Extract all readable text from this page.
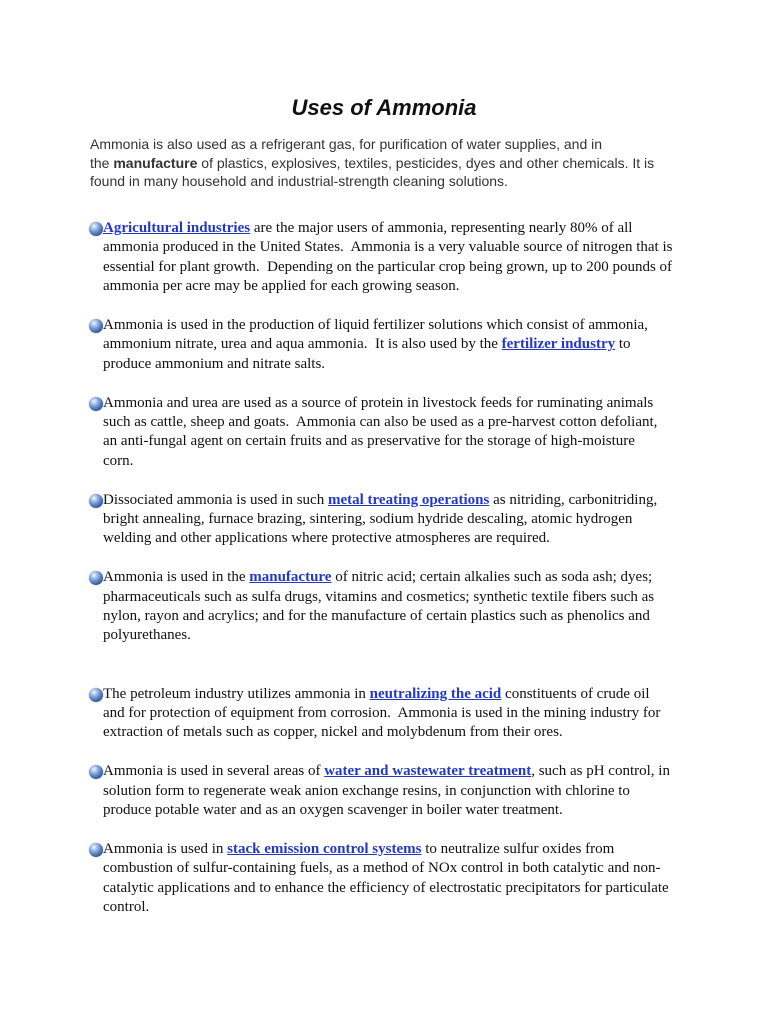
Uses of Ammonia
Ammonia is also used as a refrigerant gas, for purification of water supplies, and in
the manufacture of plastics, explosives, textiles, pesticides, dyes and other chemicals. It is
found in many household and industrial-strength cleaning solutions.
Agricultural industries are the major users of ammonia, representing nearly 80% of all
ammonia produced in the United States.  Ammonia is a very valuable source of nitrogen that is
essential for plant growth.  Depending on the particular crop being grown, up to 200 pounds of
ammonia per acre may be applied for each growing season.
Ammonia is used in the production of liquid fertilizer solutions which consist of ammonia,
ammonium nitrate, urea and aqua ammonia.  It is also used by the fertilizer industry to
produce ammonium and nitrate salts.
Ammonia and urea are used as a source of protein in livestock feeds for ruminating animals
such as cattle, sheep and goats.  Ammonia can also be used as a pre-harvest cotton defoliant,
an anti-fungal agent on certain fruits and as preservative for the storage of high-moisture
corn.
Dissociated ammonia is used in such metal treating operations as nitriding, carbonitriding,
bright annealing, furnace brazing, sintering, sodium hydride descaling, atomic hydrogen
welding and other applications where protective atmospheres are required.
Ammonia is used in the manufacture of nitric acid; certain alkalies such as soda ash; dyes;
pharmaceuticals such as sulfa drugs, vitamins and cosmetics; synthetic textile fibers such as
nylon, rayon and acrylics; and for the manufacture of certain plastics such as phenolics and
polyurethanes.
The petroleum industry utilizes ammonia in neutralizing the acid constituents of crude oil
and for protection of equipment from corrosion.  Ammonia is used in the mining industry for
extraction of metals such as copper, nickel and molybdenum from their ores.
Ammonia is used in several areas of water and wastewater treatment, such as pH control, in
solution form to regenerate weak anion exchange resins, in conjunction with chlorine to
produce potable water and as an oxygen scavenger in boiler water treatment.
Ammonia is used in stack emission control systems to neutralize sulfur oxides from
combustion of sulfur-containing fuels, as a method of NOx control in both catalytic and non-
catalytic applications and to enhance the efficiency of electrostatic precipitators for particulate
control.
